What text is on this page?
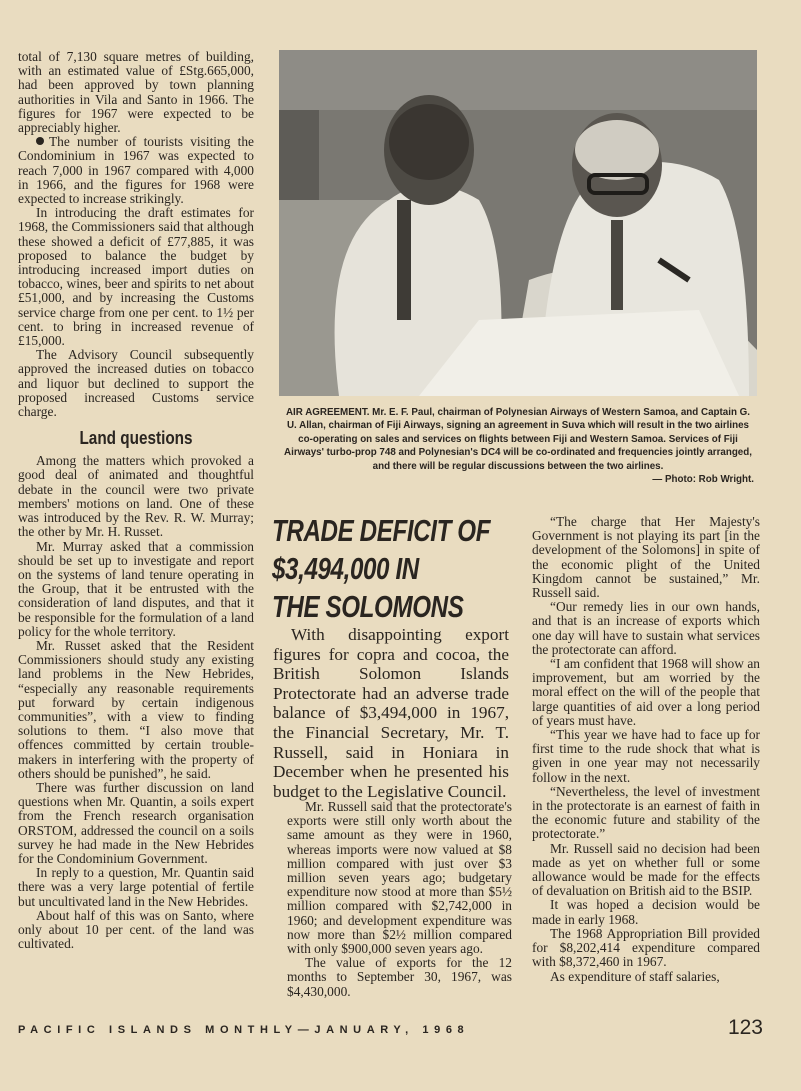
total of 7,130 square metres of building, with an estimated value of £Stg.665,000, had been approved by town planning authorities in Vila and Santo in 1966. The figures for 1967 were expected to be appreciably higher.

The number of tourists visiting the Condominium in 1967 was expected to reach 7,000 in 1967 compared with 4,000 in 1966, and the figures for 1968 were expected to increase strikingly.

In introducing the draft estimates for 1968, the Commissioners said that although these showed a deficit of £77,885, it was proposed to balance the budget by introducing increased import duties on tobacco, wines, beer and spirits to net about £51,000, and by increasing the Customs service charge from one per cent. to 1½ per cent. to bring in increased revenue of £15,000.

The Advisory Council subsequently approved the increased duties on tobacco and liquor but declined to support the proposed increased Customs service charge.

Land questions

Among the matters which provoked a good deal of animated and thoughtful debate in the council were two private members' motions on land. One of these was introduced by the Rev. R. W. Murray; the other by Mr. H. Russet.

Mr. Murray asked that a commission should be set up to investigate and report on the systems of land tenure operating in the Group, that it be entrusted with the consideration of land disputes, and that it be responsible for the formulation of a land policy for the whole territory.

Mr. Russet asked that the Resident Commissioners should study any existing land problems in the New Hebrides, “especially any reasonable requirements put forward by certain indigenous communities”, with a view to finding solutions to them. “I also move that offences committed by certain trouble-makers in interfering with the property of others should be punished”, he said.

There was further discussion on land questions when Mr. Quantin, a soils expert from the French research organisation ORSTOM, addressed the council on a soils survey he had made in the New Hebrides for the Condominium Government.

In reply to a question, Mr. Quantin said there was a very large potential of fertile but uncultivated land in the New Hebrides.

About half of this was on Santo, where only about 10 per cent. of the land was cultivated.

AIR AGREEMENT. Mr. E. F. Paul, chairman of Polynesian Airways of Western Samoa, and Captain G. U. Allan, chairman of Fiji Airways, signing an agreement in Suva which will result in the two airlines co-operating on sales and services on flights between Fiji and Western Samoa. Services of Fiji Airways' turbo-prop 748 and Polynesian's DC4 will be co-ordinated and frequencies jointly arranged, and there will be regular discussions between the two airlines.
— Photo: Rob Wright.
TRADE DEFICIT OF
$3,494,000 IN
THE SOLOMONS

With disappointing export figures for copra and cocoa, the British Solomon Islands Protectorate had an adverse trade balance of $3,494,000 in 1967, the Financial Secretary, Mr. T. Russell, said in Honiara in December when he presented his budget to the Legislative Council.

Mr. Russell said that the protectorate's exports were still only worth about the same amount as they were in 1960, whereas imports were now valued at $8 million compared with just over $3 million seven years ago; budgetary expenditure now stood at more than $5½ million compared with $2,742,000 in 1960; and development expenditure was now more than $2½ million compared with only $900,000 seven years ago.

The value of exports for the 12 months to September 30, 1967, was $4,430,000.

“The charge that Her Majesty's Government is not playing its part [in the development of the Solomons] in spite of the economic plight of the United Kingdom cannot be sustained,” Mr. Russell said.

“Our remedy lies in our own hands, and that is an increase of exports which one day will have to sustain what services the protectorate can afford.

“I am confident that 1968 will show an improvement, but am worried by the moral effect on the will of the people that large quantities of aid over a long period of years must have.

“This year we have had to face up for first time to the rude shock that what is given in one year may not necessarily follow in the next.

“Nevertheless, the level of investment in the protectorate is an earnest of faith in the economic future and stability of the protectorate.”

Mr. Russell said no decision had been made as yet on whether full or some allowance would be made for the effects of devaluation on British aid to the BSIP.

It was hoped a decision would be made in early 1968.

The 1968 Appropriation Bill provided for $8,202,414 expenditure compared with $8,372,460 in 1967.

As expenditure of staff salaries,

PACIFIC ISLANDS MONTHLY—JANUARY, 1968	123
